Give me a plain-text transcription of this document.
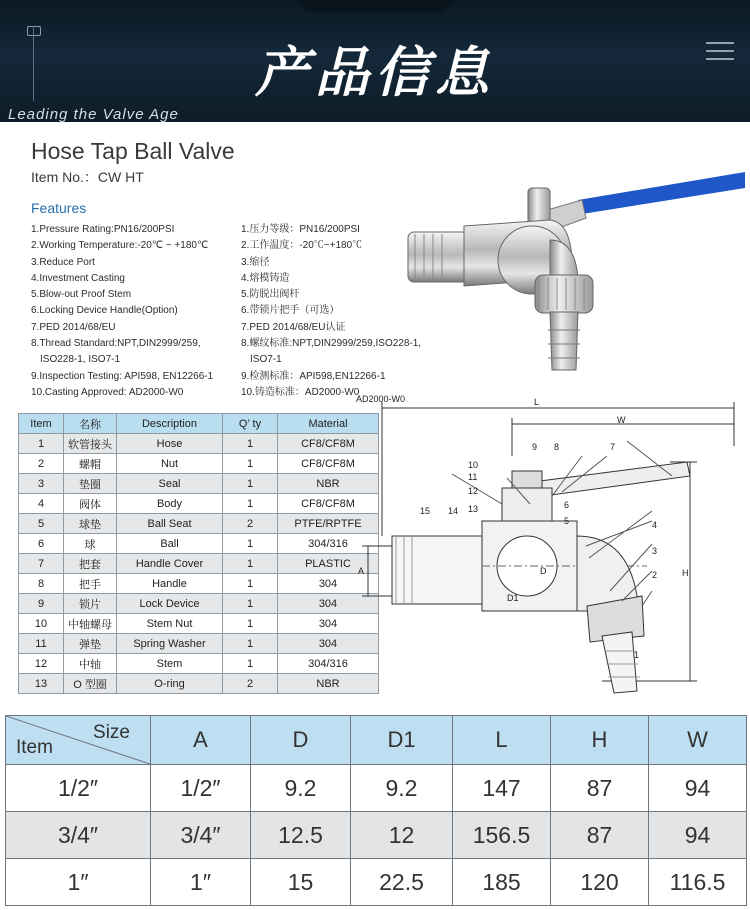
产品信息
Leading the Valve Age
Hose Tap Ball Valve
Item No.：CW HT
Features
1.Pressure Rating:PN16/200PSI
2.Working Temperature:-20℃ ~ +180℃
3.Reduce Port
4.Investment Casting
5.Blow-out Proof Stem
6.Locking Device Handle(Option)
7.PED 2014/68/EU
8.Thread Standard:NPT,DIN2999/259,
ISO228-1, ISO7-1
9.Inspection Testing: API598, EN12266-1
10.Casting Approved: AD2000-W0
1.压力等级：PN16/200PSI
2.工作温度：-20℃~+180℃
3.缩径
4.熔模铸造
5.防脱出阀杆
6.带锁片把手（可选）
7.PED 2014/68/EU认证
8.螺纹标准:NPT,DIN2999/259,ISO228-1,
ISO7-1
9.检测标准：API598,EN12266-1
10.铸造标准：AD2000-W0
AD2000-W0
Item	名称	Description	Q’ ty	Material
1	软管接头	Hose	1	CF8/CF8M
2	螺帽	Nut	1	CF8/CF8M
3	垫圈	Seal	1	NBR
4	阀体	Body	1	CF8/CF8M
5	球垫	Ball Seat	2	PTFE/RPTFE
6	球	Ball	1	304/316
7	把套	Handle Cover	1	PLASTIC
8	把手	Handle	1	304
9	锁片	Lock Device	1	304
10	中轴螺母	Stem Nut	1	304
11	弹垫	Spring Washer	1	304
12	中轴	Stem	1	304/316
13	O 型圈	O-ring	2	NBR
L
W
H
A	D
D1
1
2
3
4
5
6
7
8
9
10
11
12
13
14
15
Size
Item	A	D	D1	L	H	W
1/2″	1/2″	9.2	9.2	147	87	94
3/4″	3/4″	12.5	12	156.5	87	94
1″	1″	15	22.5	185	120	116.5
